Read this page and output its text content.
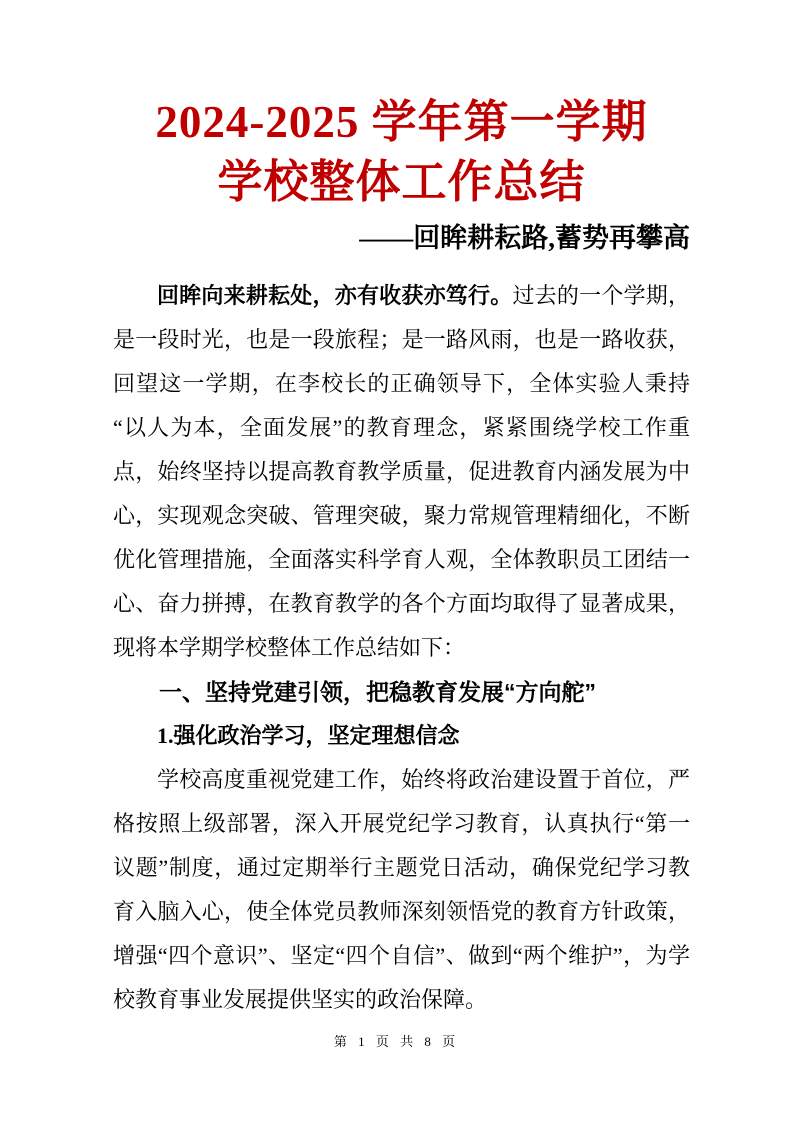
2024-2025 学年第一学期
学校整体工作总结
——回眸耕耘路,蓄势再攀高

回眸向来耕耘处，亦有收获亦笃行。过去的一个学期，是一段时光，也是一段旅程；是一路风雨，也是一路收获，回望这一学期，在李校长的正确领导下，全体实验人秉持“以人为本，全面发展”的教育理念，紧紧围绕学校工作重点，始终坚持以提高教育教学质量，促进教育内涵发展为中心，实现观念突破、管理突破，聚力常规管理精细化，不断优化管理措施，全面落实科学育人观，全体教职员工团结一心、奋力拼搏，在教育教学的各个方面均取得了显著成果，现将本学期学校整体工作总结如下：

一、坚持党建引领，把稳教育发展“方向舵”

1.强化政治学习，坚定理想信念

学校高度重视党建工作，始终将政治建设置于首位，严格按照上级部署，深入开展党纪学习教育，认真执行“第一议题”制度，通过定期举行主题党日活动，确保党纪学习教育入脑入心，使全体党员教师深刻领悟党的教育方针政策，增强“四个意识”、坚定“四个自信”、做到“两个维护”，为学校教育事业发展提供坚实的政治保障。

第 1 页 共 8 页
